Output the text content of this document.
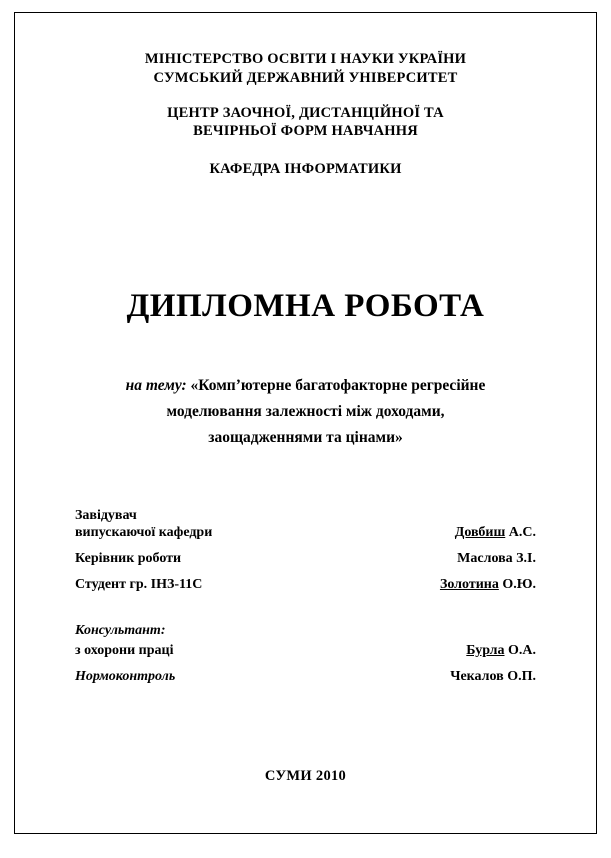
МІНІСТЕРСТВО ОСВІТИ І НАУКИ УКРАЇНИ
СУМСЬКИЙ ДЕРЖАВНИЙ УНІВЕРСИТЕТ
ЦЕНТР ЗАОЧНОЇ, ДИСТАНЦІЙНОЇ ТА
ВЕЧІРНЬОЇ ФОРМ НАВЧАННЯ
КАФЕДРА ІНФОРМАТИКИ
ДИПЛОМНА РОБОТА
на тему: «Комп’ютерне багатофакторне регресійне
моделювання залежності між доходами,
заощадженнями та цінами»
Завідувач
випускаючої кафедри	Довбиш А.С.
Керівник роботи	Маслова З.І.
Студент гр. ІНЗ-11С	Золотина О.Ю.
Консультант:
з охорони праці	Бурла О.А.
Нормоконтроль	Чекалов О.П.
СУМИ 2010
